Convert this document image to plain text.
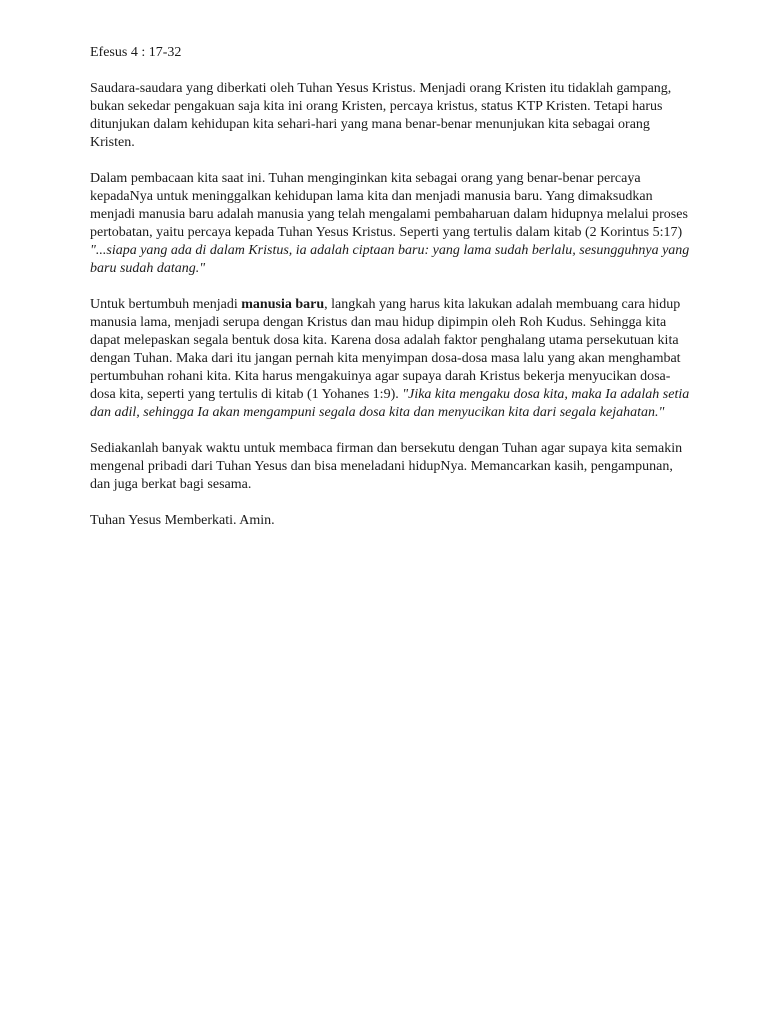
Efesus 4 : 17-32

Saudara-saudara yang diberkati oleh Tuhan Yesus Kristus. Menjadi orang Kristen itu tidaklah gampang, bukan sekedar pengakuan saja kita ini orang Kristen, percaya kristus, status KTP Kristen. Tetapi harus ditunjukan dalam kehidupan kita sehari-hari yang mana benar-benar menunjukan kita sebagai orang Kristen.

Dalam pembacaan kita saat ini. Tuhan menginginkan kita sebagai orang yang benar-benar percaya kepadaNya untuk meninggalkan kehidupan lama kita dan menjadi manusia baru. Yang dimaksudkan menjadi manusia baru adalah manusia yang telah mengalami pembaharuan dalam hidupnya melalui proses pertobatan, yaitu percaya kepada Tuhan Yesus Kristus. Seperti yang tertulis dalam kitab (2 Korintus 5:17) "...siapa yang ada di dalam Kristus, ia adalah ciptaan baru: yang lama sudah berlalu, sesungguhnya yang baru sudah datang."

Untuk bertumbuh menjadi manusia baru, langkah yang harus kita lakukan adalah membuang cara hidup manusia lama, menjadi serupa dengan Kristus dan mau hidup dipimpin oleh Roh Kudus. Sehingga kita dapat melepaskan segala bentuk dosa kita. Karena dosa adalah faktor penghalang utama persekutuan kita dengan Tuhan. Maka dari itu jangan pernah kita menyimpan dosa-dosa masa lalu yang akan menghambat pertumbuhan rohani kita. Kita harus mengakuinya agar supaya darah Kristus bekerja menyucikan dosa-dosa kita, seperti yang tertulis di kitab (1 Yohanes 1:9). "Jika kita mengaku dosa kita, maka Ia adalah setia dan adil, sehingga Ia akan mengampuni segala dosa kita dan menyucikan kita dari segala kejahatan."

Sediakanlah banyak waktu untuk membaca firman dan bersekutu dengan Tuhan agar supaya kita semakin mengenal pribadi dari Tuhan Yesus dan bisa meneladani hidupNya. Memancarkan kasih, pengampunan, dan juga berkat bagi sesama.

Tuhan Yesus Memberkati. Amin.
